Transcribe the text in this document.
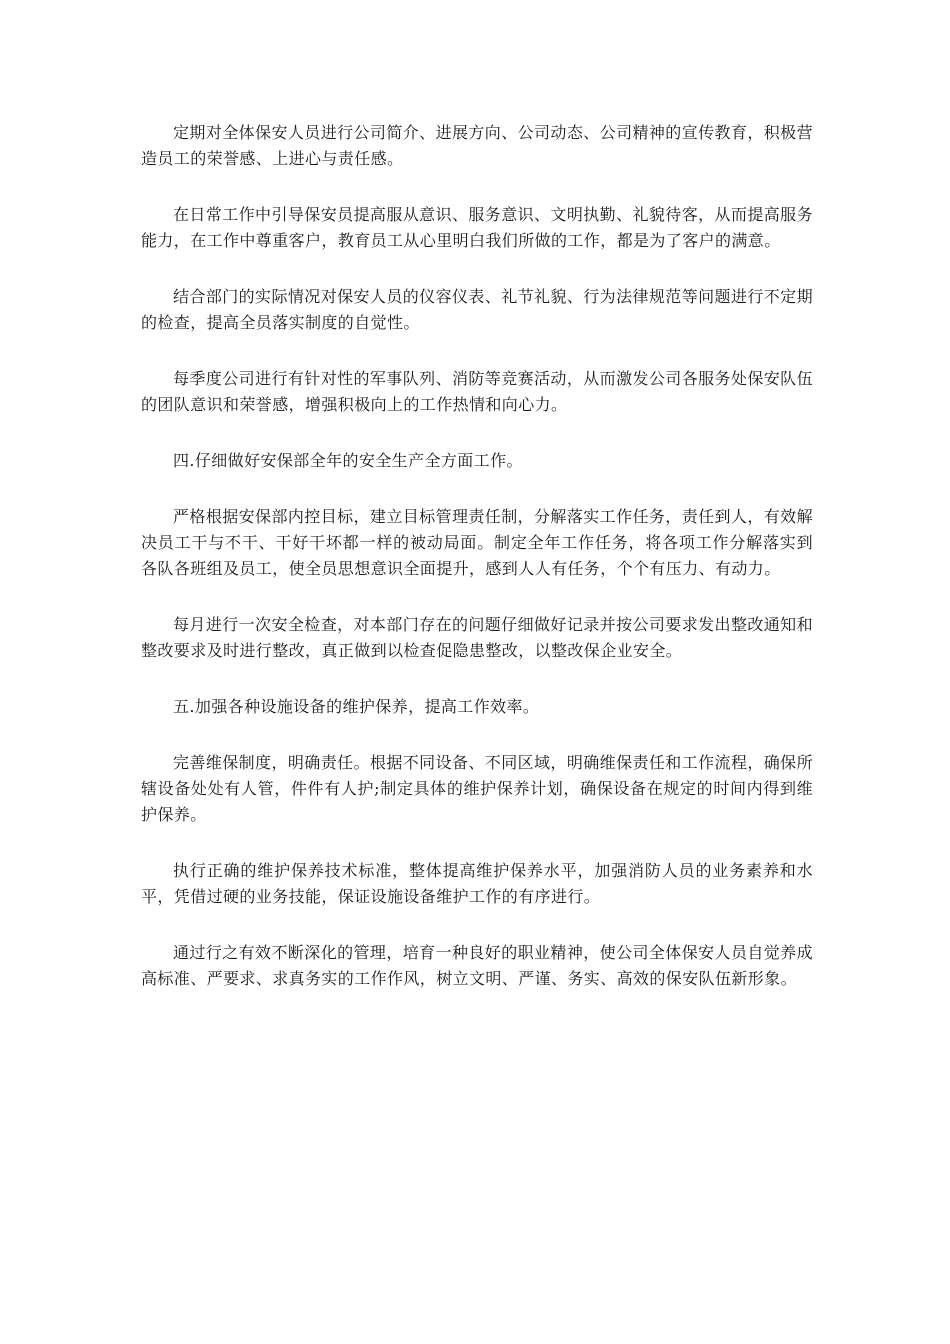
定期对全体保安人员进行公司简介、进展方向、公司动态、公司精神的宣传教育，积极营造员工的荣誉感、上进心与责任感。

在日常工作中引导保安员提高服从意识、服务意识、文明执勤、礼貌待客，从而提高服务能力，在工作中尊重客户，教育员工从心里明白我们所做的工作，都是为了客户的满意。

结合部门的实际情况对保安人员的仪容仪表、礼节礼貌、行为法律规范等问题进行不定期的检查，提高全员落实制度的自觉性。

每季度公司进行有针对性的军事队列、消防等竞赛活动，从而激发公司各服务处保安队伍的团队意识和荣誉感，增强积极向上的工作热情和向心力。

四.仔细做好安保部全年的安全生产全方面工作。

严格根据安保部内控目标，建立目标管理责任制，分解落实工作任务，责任到人，有效解决员工干与不干、干好干坏都一样的被动局面。制定全年工作任务，将各项工作分解落实到各队各班组及员工，使全员思想意识全面提升，感到人人有任务，个个有压力、有动力。

每月进行一次安全检查，对本部门存在的问题仔细做好记录并按公司要求发出整改通知和整改要求及时进行整改，真正做到以检查促隐患整改，以整改保企业安全。

五.加强各种设施设备的维护保养，提高工作效率。

完善维保制度，明确责任。根据不同设备、不同区域，明确维保责任和工作流程，确保所辖设备处处有人管，件件有人护;制定具体的维护保养计划，确保设备在规定的时间内得到维护保养。

执行正确的维护保养技术标准，整体提高维护保养水平，加强消防人员的业务素养和水平，凭借过硬的业务技能，保证设施设备维护工作的有序进行。

通过行之有效不断深化的管理，培育一种良好的职业精神，使公司全体保安人员自觉养成高标准、严要求、求真务实的工作作风，树立文明、严谨、务实、高效的保安队伍新形象。
